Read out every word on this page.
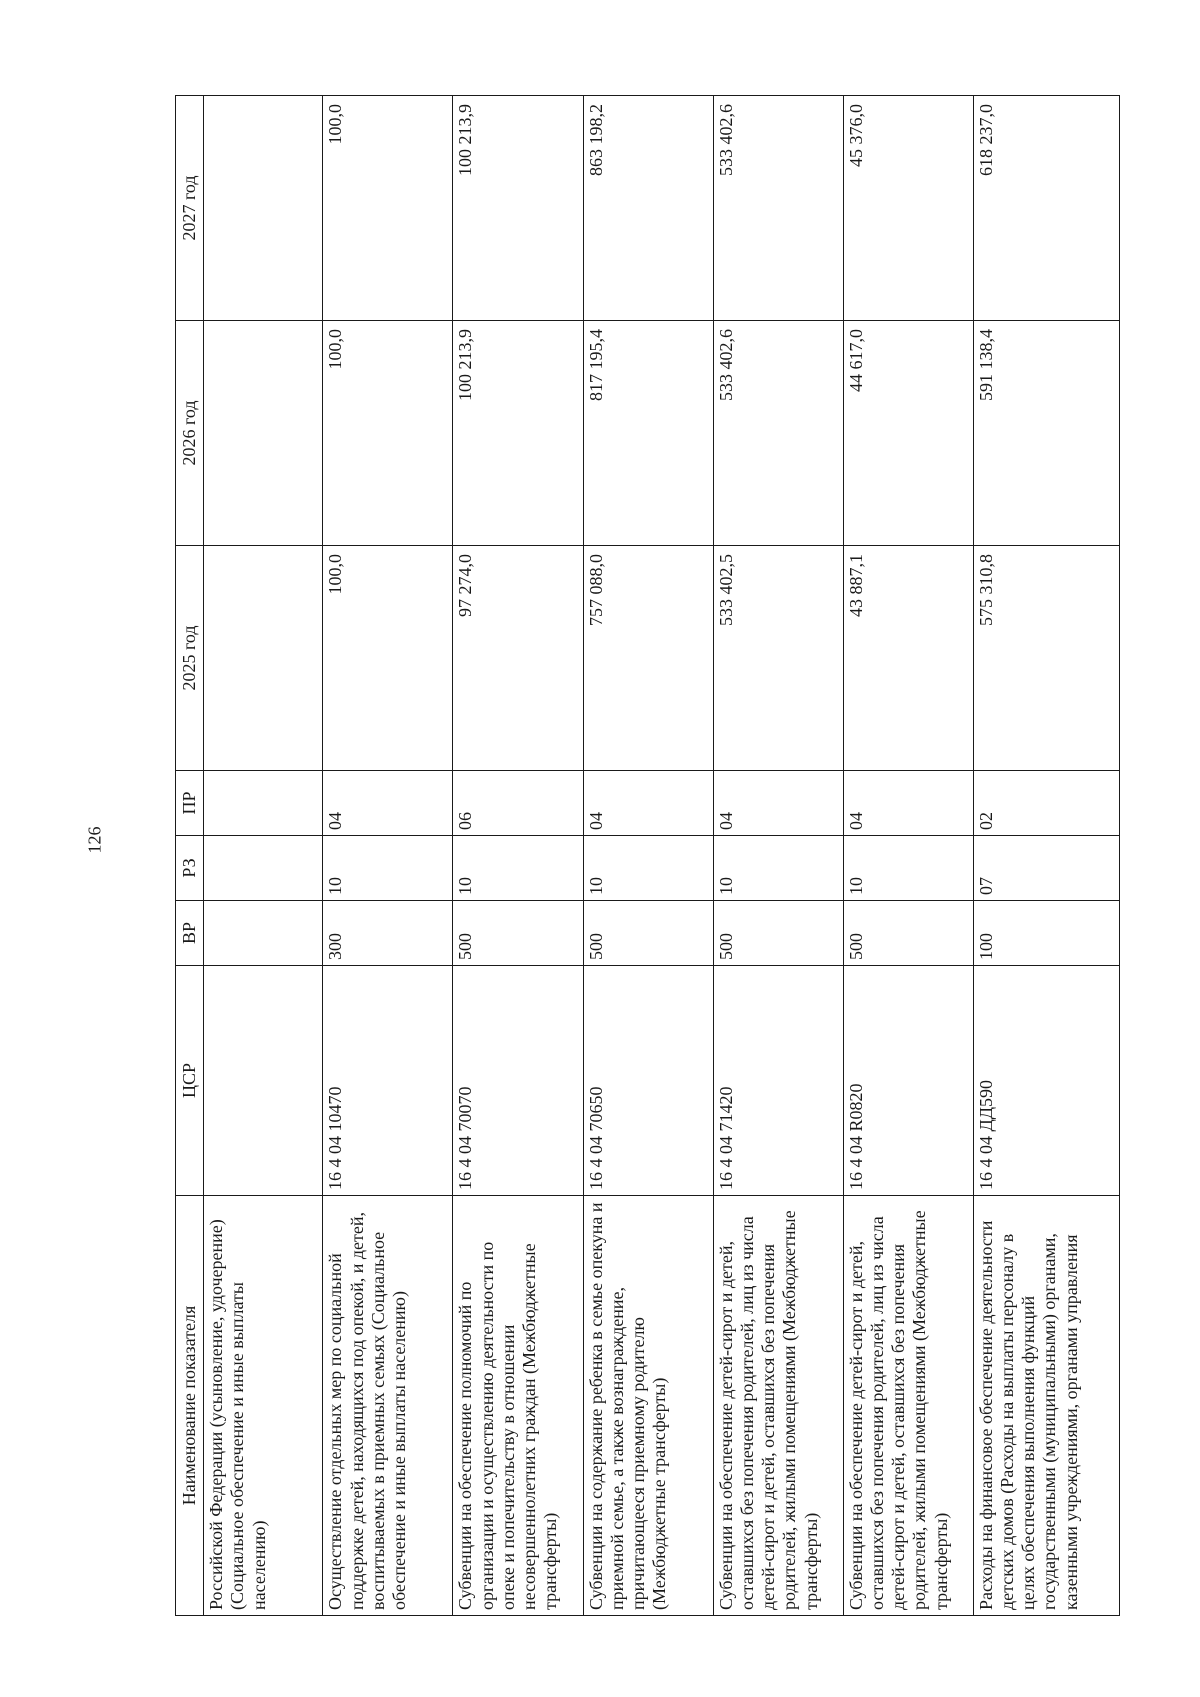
126
Наименование показателя	ЦСР	ВР	РЗ	ПР	2025 год	2026 год	2027 год
Российской Федерации (усыновление, удочерение) (Социальное обеспечение и иные выплаты населению)							
Осуществление отдельных мер по социальной поддержке детей, находящихся под опекой, и детей, воспитываемых в приемных семьях (Социальное обеспечение и иные выплаты населению)	16 4 04 10470	300	10	04	100,0	100,0	100,0
Субвенции на обеспечение полномочий по организации и осуществлению деятельности по опеке и попечительству в отношении несовершеннолетних граждан (Межбюджетные трансферты)	16 4 04 70070	500	10	06	97 274,0	100 213,9	100 213,9
Субвенции на содержание ребенка в семье опекуна и приемной семье, а также вознаграждение, причитающееся приемному родителю (Межбюджетные трансферты)	16 4 04 70650	500	10	04	757 088,0	817 195,4	863 198,2
Субвенции на обеспечение детей-сирот и детей, оставшихся без попечения родителей, лиц из числа детей-сирот и детей, оставшихся без попечения родителей, жилыми помещениями (Межбюджетные трансферты)	16 4 04 71420	500	10	04	533 402,5	533 402,6	533 402,6
Субвенции на обеспечение детей-сирот и детей, оставшихся без попечения родителей, лиц из числа детей-сирот и детей, оставшихся без попечения родителей, жилыми помещениями (Межбюджетные трансферты)	16 4 04 R0820	500	10	04	43 887,1	44 617,0	45 376,0
Расходы на финансовое обеспечение деятельности детских домов (Расходы на выплаты персоналу в целях обеспечения выполнения функций государственными (муниципальными) органами, казенными учреждениями, органами управления	16 4 04 ДД590	100	07	02	575 310,8	591 138,4	618 237,0
